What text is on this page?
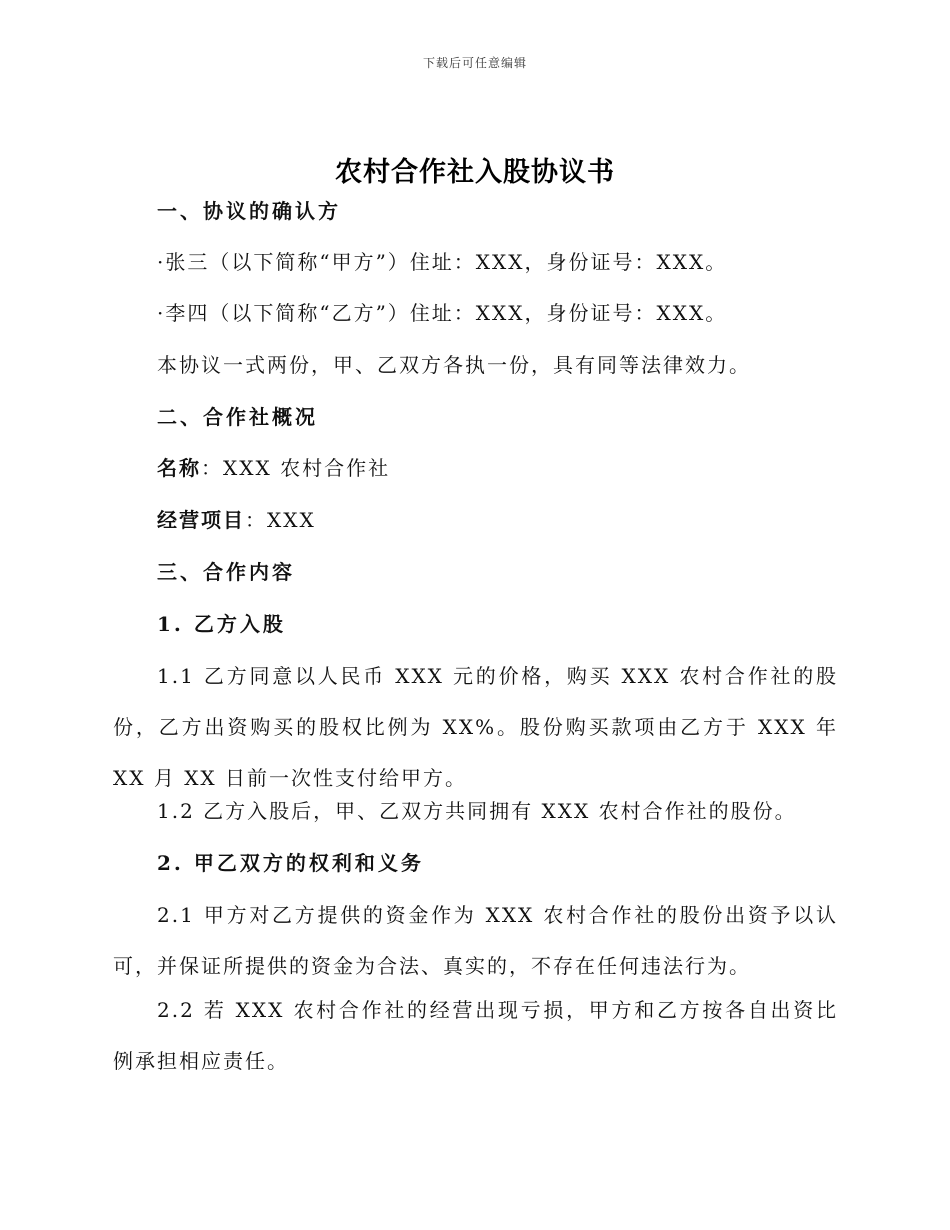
下载后可任意编辑
农村合作社入股协议书
一、协议的确认方
·张三（以下简称“甲方”）住址：XXX，身份证号：XXX。
·李四（以下简称“乙方”）住址：XXX，身份证号：XXX。
本协议一式两份，甲、乙双方各执一份，具有同等法律效力。
二、合作社概况
名称：XXX 农村合作社
经营项目：XXX
三、合作内容
1. 乙方入股
1.1 乙方同意以人民币 XXX 元的价格，购买 XXX 农村合作社的股份，乙方出资购买的股权比例为 XX%。股份购买款项由乙方于 XXX 年 XX 月 XX 日前一次性支付给甲方。
1.2 乙方入股后，甲、乙双方共同拥有 XXX 农村合作社的股份。
2. 甲乙双方的权利和义务
2.1 甲方对乙方提供的资金作为 XXX 农村合作社的股份出资予以认可，并保证所提供的资金为合法、真实的，不存在任何违法行为。
2.2 若 XXX 农村合作社的经营出现亏损，甲方和乙方按各自出资比例承担相应责任。
